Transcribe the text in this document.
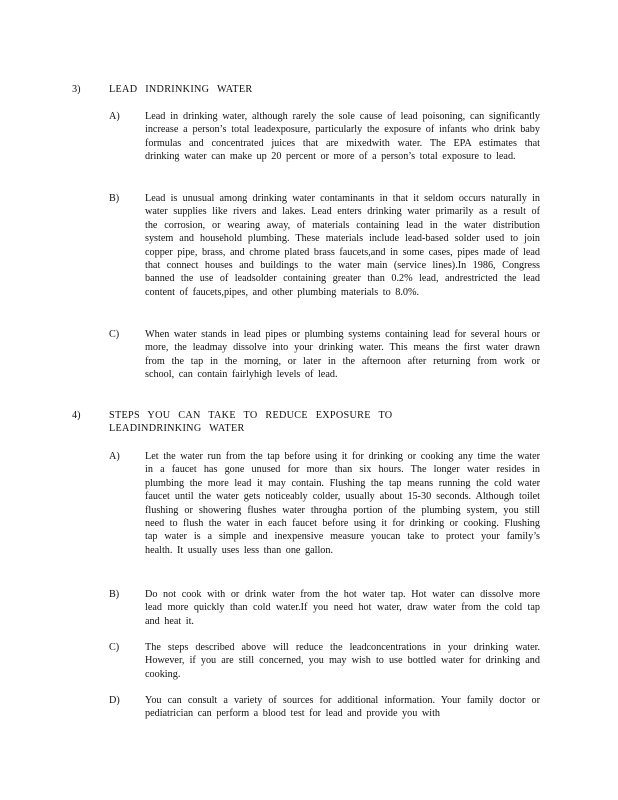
3)	LEAD INDRINKING WATER
A) Lead in drinking water, although rarely the sole cause of lead poisoning, can significantly increase a person’s total leadexposure, particularly the exposure of infants who drink baby formulas and concentrated juices that are mixedwith water. The EPA estimates that drinking water can make up 20 percent or more of a person’s total exposure to lead.

B)	Lead is unusual among drinking water contaminants in that it seldom occurs naturally in water supplies like rivers and lakes. Lead enters drinking water primarily as a result of the corrosion, or wearing away, of materials containing lead in the water distribution system and household plumbing. These materials include lead-based solder used to join copper pipe, brass, and chrome plated brass faucets,and in some cases, pipes made of lead that connect houses and buildings to the water main (service lines).In 1986, Congress banned the use of leadsolder containing greater than 0.2% lead, andrestricted the lead content of faucets,pipes, and other plumbing materials to 8.0%.

C)	When water stands in lead pipes or plumbing systems containing lead for several hours or more, the leadmay dissolve into your drinking water. This means the first water drawn from the tap in the morning, or later in the afternoon after returning from work or school, can contain fairlyhigh levels of lead.

4)	STEPS YOU CAN TAKE TO REDUCE EXPOSURE TO LEADINDRINKING WATER
A) Let the water run from the tap before using it for drinking or cooking any time the water in a faucet has gone unused for more than six hours. The longer water resides in plumbing the more lead it may contain. Flushing the tap means running the cold water faucet until the water gets noticeably colder, usually about 15-30 seconds. Although toilet flushing or showering flushes water througha portion of the plumbing system, you still need to flush the water in each faucet before using it for drinking or cooking. Flushing tap water is a simple and inexpensive measure youcan take to protect your family’s health. It usually uses less than one gallon.

B)	Do not cook with or drink water from the hot water tap. Hot water can dissolve more lead more quickly than cold water.If you need hot water, draw water from the cold tap and heat it.

C)	The steps described above will reduce the leadconcentrations in your drinking water. However, if you are still concerned, you may wish to use bottled water for drinking and cooking.

D) You can consult a variety of sources for additional information. Your family doctor or pediatrician can perform a blood test for lead and provide you with
